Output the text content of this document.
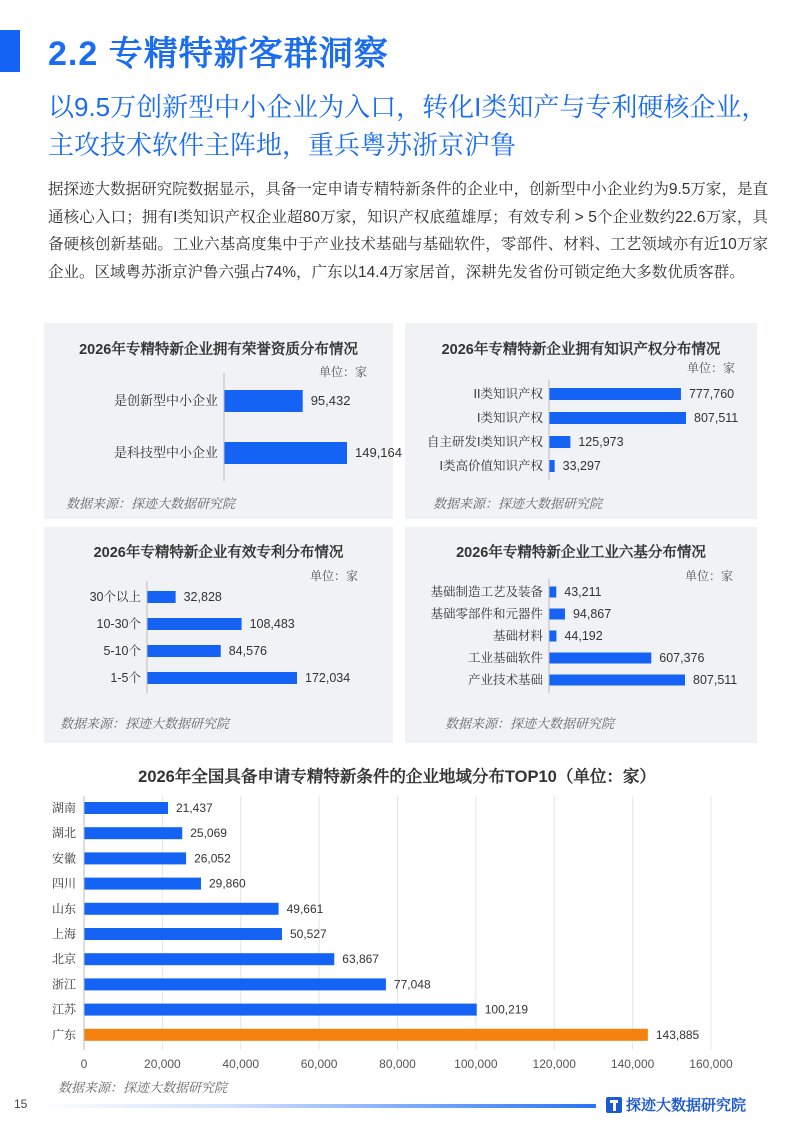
2.2 专精特新客群洞察
以9.5万创新型中小企业为入口，转化I类知产与专利硬核企业，主攻技术软件主阵地，重兵粤苏浙京沪鲁
据探迹大数据研究院数据显示，具备一定申请专精特新条件的企业中，创新型中小企业约为9.5万家，是直通核心入口；拥有I类知识产权企业超80万家，知识产权底蕴雄厚；有效专利 > 5个企业数约22.6万家，具备硬核创新基础。工业六基高度集中于产业技术基础与基础软件，零部件、材料、工艺领域亦有近10万家企业。区域粤苏浙京沪鲁六强占74%，广东以14.4万家居首，深耕先发省份可锁定绝大多数优质客群。
2026年专精特新企业拥有荣誉资质分布情况
单位：家
是创新型中小企业	95,432
是科技型中小企业	149,164
数据来源：探迹大数据研究院
2026年专精特新企业拥有知识产权分布情况
单位：家
II类知识产权	777,760
I类知识产权	807,511
自主研发I类知识产权	125,973
I类高价值知识产权 33,297
数据来源：探迹大数据研究院
2026年专精特新企业有效专利分布情况
单位：家
30个以上	32,828
10-30个	108,483
5-10个	84,576
1-5个	172,034
数据来源：探迹大数据研究院
2026年专精特新企业工业六基分布情况
单位：家
基础制造工艺及装备 43,211
基础零部件和元器件 94,867
基础材料 44,192
工业基础软件	607,376
产业技术基础	807,511
数据来源：探迹大数据研究院
2026年全国具备申请专精特新条件的企业地域分布TOP10（单位：家）
0	20,000	40,000	60,000	80,000	100,000	120,000	140,000	160,000
湖南	21,437
湖北	25,069
安徽	26,052
四川	29,860
山东	49,661
上海	50,527
北京	63,867
浙江	77,048
江苏	100,219
广东	143,885
数据来源：探迹大数据研究院
15	探迹大数据研究院
